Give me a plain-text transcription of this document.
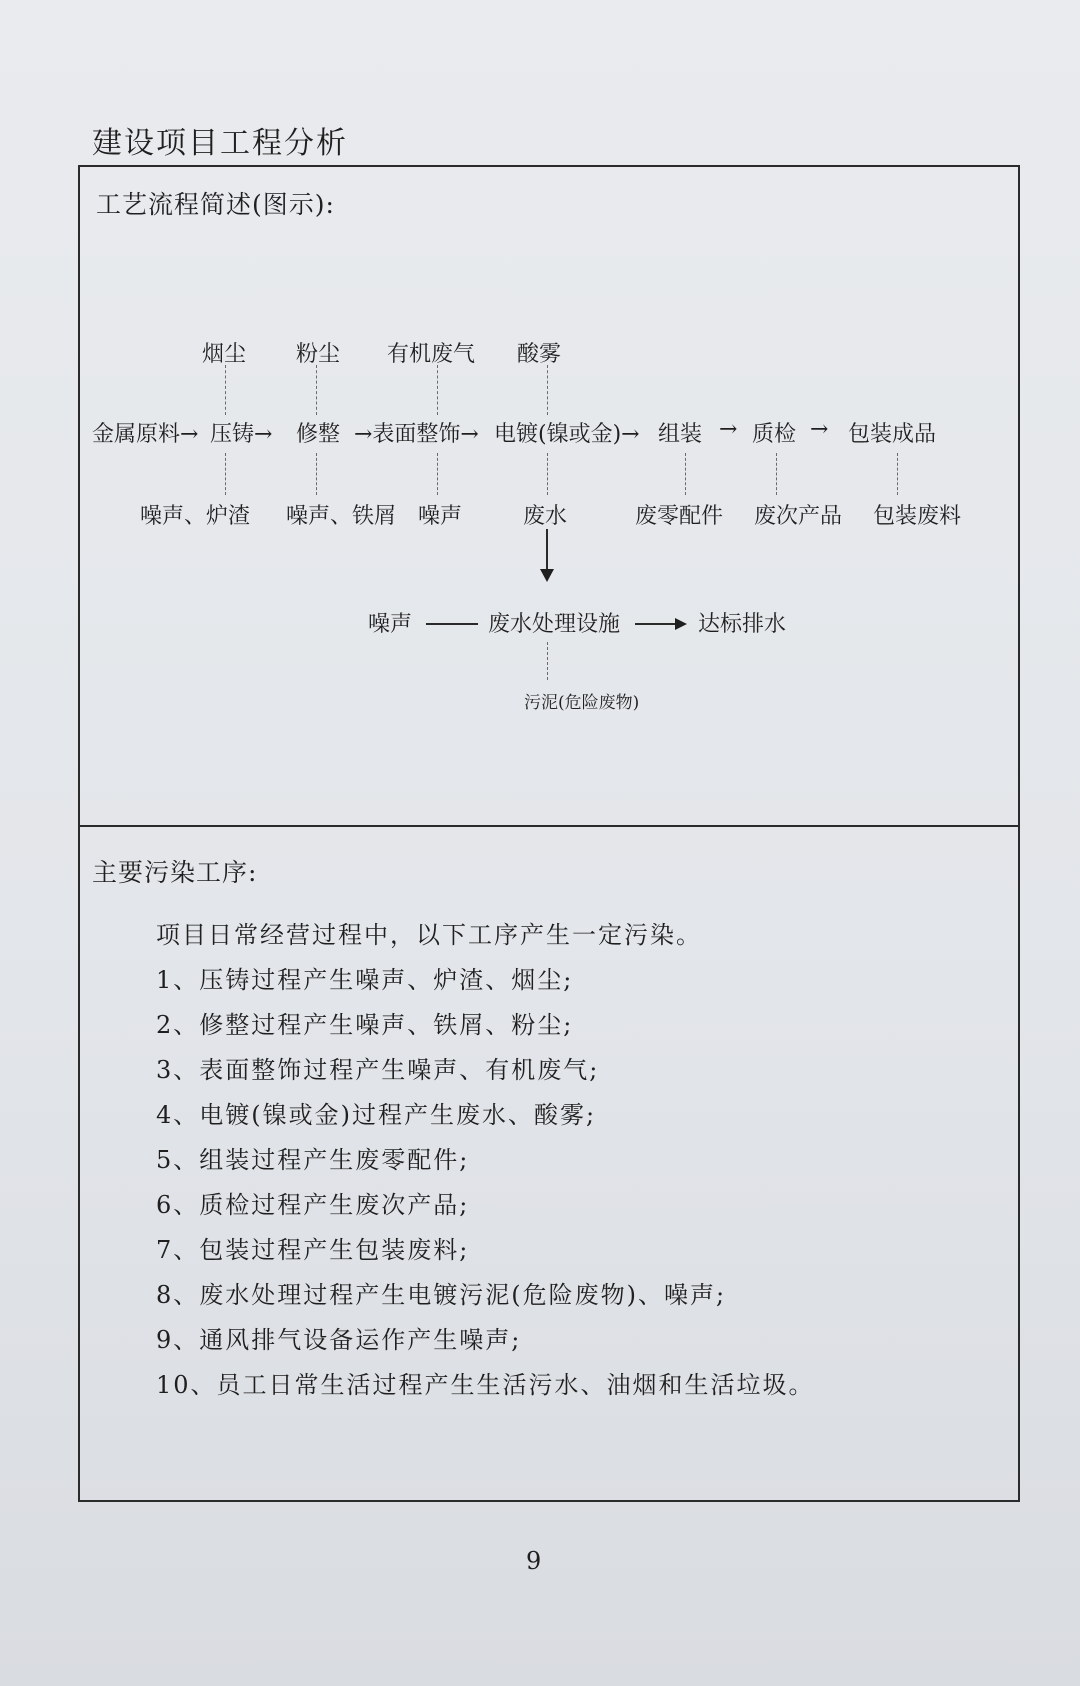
建设项目工程分析
工艺流程简述(图示):
烟尘 粉尘 有机废气 酸雾
金属原料→ 压铸→ 修整 →表面整饰→ 电镀(镍或金)→ 组装 → 质检 → 包装成品
噪声、炉渣 噪声、铁屑 噪声	废水	废零配件 废次产品 包装废料
噪声	废水处理设施	达标排水
污泥(危险废物)
主要污染工序:
项目日常经营过程中，以下工序产生一定污染。
1、压铸过程产生噪声、炉渣、烟尘;
2、修整过程产生噪声、铁屑、粉尘;
3、表面整饰过程产生噪声、有机废气;
4、电镀(镍或金)过程产生废水、酸雾;
5、组装过程产生废零配件;
6、质检过程产生废次产品;
7、包装过程产生包装废料;
8、废水处理过程产生电镀污泥(危险废物)、噪声;
9、通风排气设备运作产生噪声;
10、员工日常生活过程产生生活污水、油烟和生活垃圾。
9
